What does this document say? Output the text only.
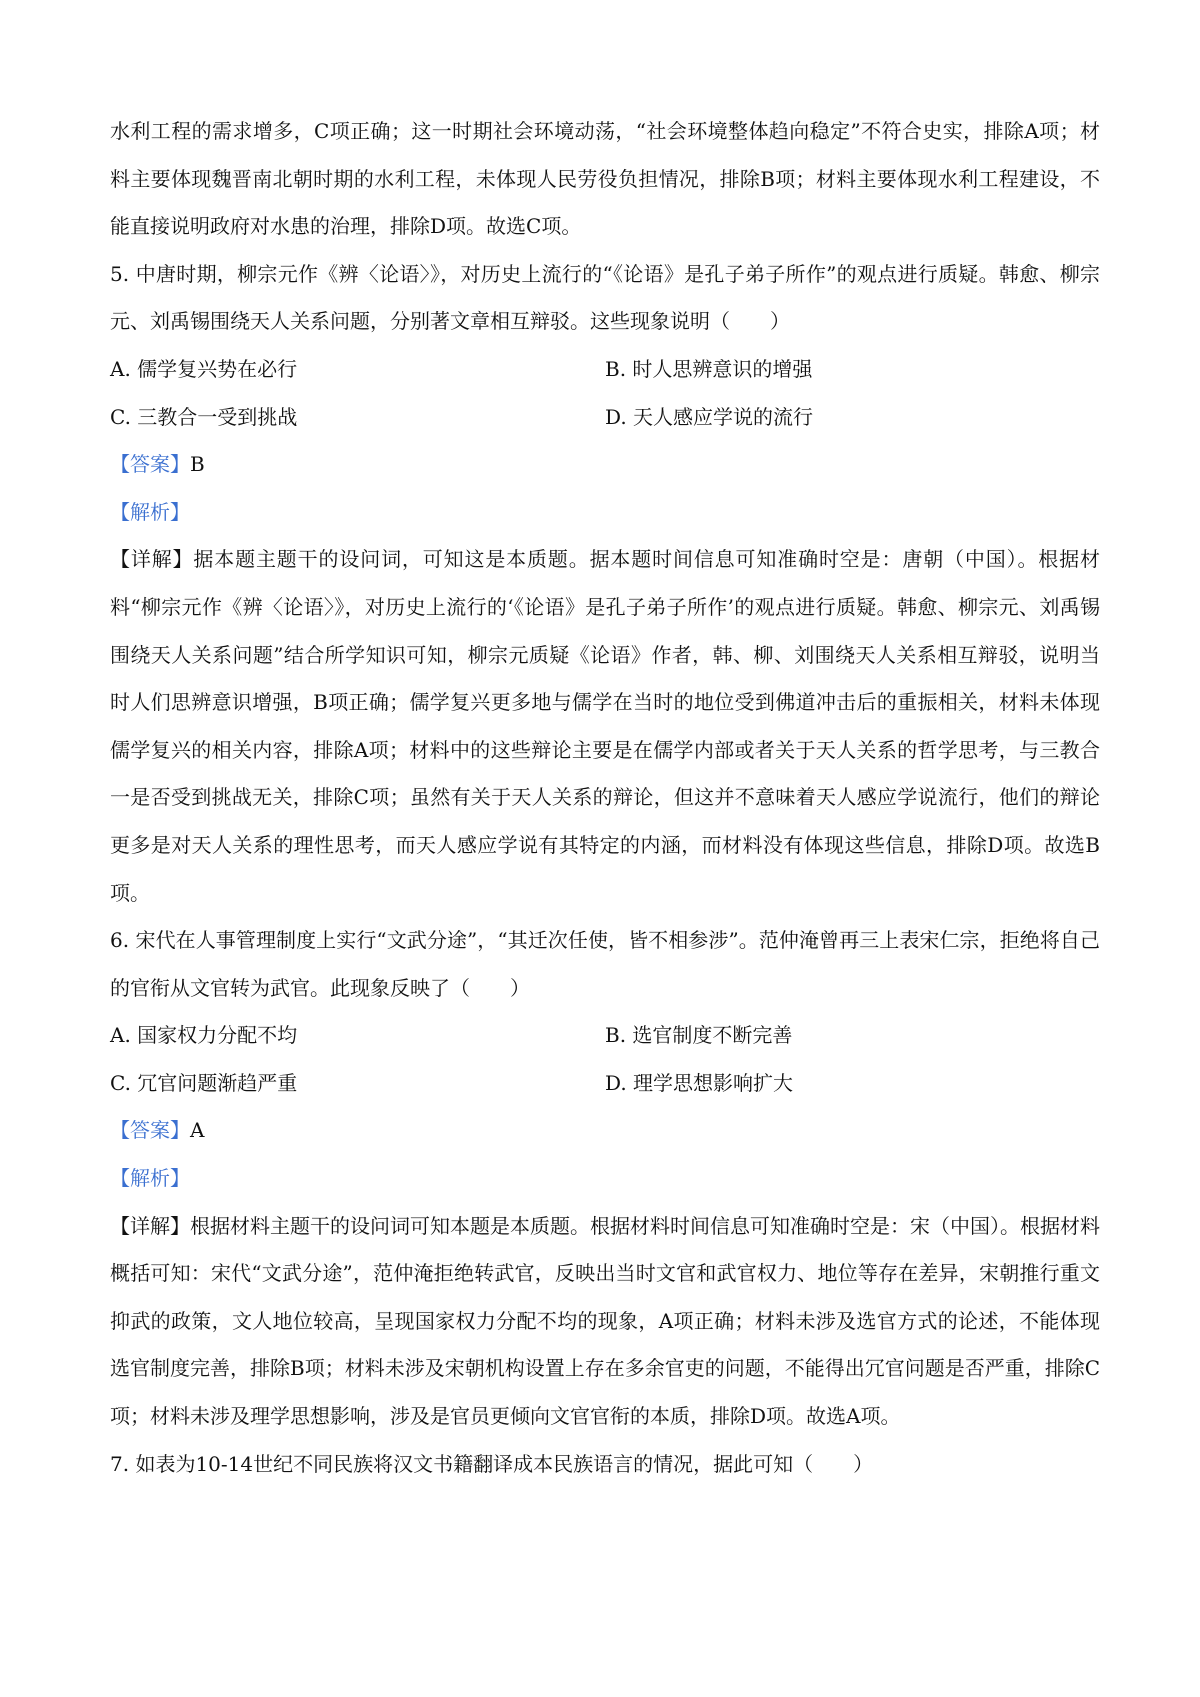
水利工程的需求增多，C项正确；这一时期社会环境动荡，“社会环境整体趋向稳定”不符合史实，排除A项；材料主要体现魏晋南北朝时期的水利工程，未体现人民劳役负担情况，排除B项；材料主要体现水利工程建设，不能直接说明政府对水患的治理，排除D项。故选C项。

5. 中唐时期，柳宗元作《辨〈论语〉》，对历史上流行的“《论语》是孔子弟子所作”的观点进行质疑。韩愈、柳宗元、刘禹锡围绕天人关系问题，分别著文章相互辩驳。这些现象说明（　　）

A. 儒学复兴势在必行	B. 时人思辨意识的增强

C. 三教合一受到挑战	D. 天人感应学说的流行

【答案】B

【解析】

【详解】据本题主题干的设问词，可知这是本质题。据本题时间信息可知准确时空是：唐朝（中国）。根据材料“柳宗元作《辨〈论语〉》，对历史上流行的‘《论语》是孔子弟子所作’的观点进行质疑。韩愈、柳宗元、刘禹锡围绕天人关系问题”结合所学知识可知，柳宗元质疑《论语》作者，韩、柳、刘围绕天人关系相互辩驳，说明当时人们思辨意识增强，B项正确；儒学复兴更多地与儒学在当时的地位受到佛道冲击后的重振相关，材料未体现儒学复兴的相关内容，排除A项；材料中的这些辩论主要是在儒学内部或者关于天人关系的哲学思考，与三教合一是否受到挑战无关，排除C项；虽然有关于天人关系的辩论，但这并不意味着天人感应学说流行，他们的辩论更多是对天人关系的理性思考，而天人感应学说有其特定的内涵，而材料没有体现这些信息，排除D项。故选B项。

6. 宋代在人事管理制度上实行“文武分途”，“其迁次任使，皆不相参涉”。范仲淹曾再三上表宋仁宗，拒绝将自己的官衔从文官转为武官。此现象反映了（　　）

A. 国家权力分配不均	B. 选官制度不断完善

C. 冗官问题渐趋严重	D. 理学思想影响扩大

【答案】A

【解析】

【详解】根据材料主题干的设问词可知本题是本质题。根据材料时间信息可知准确时空是：宋（中国）。根据材料概括可知：宋代“文武分途”，范仲淹拒绝转武官，反映出当时文官和武官权力、地位等存在差异，宋朝推行重文抑武的政策，文人地位较高，呈现国家权力分配不均的现象，A项正确；材料未涉及选官方式的论述，不能体现选官制度完善，排除B项；材料未涉及宋朝机构设置上存在多余官吏的问题，不能得出冗官问题是否严重，排除C项；材料未涉及理学思想影响，涉及是官员更倾向文官官衔的本质，排除D项。故选A项。

7. 如表为10-14世纪不同民族将汉文书籍翻译成本民族语言的情况，据此可知（　　）
